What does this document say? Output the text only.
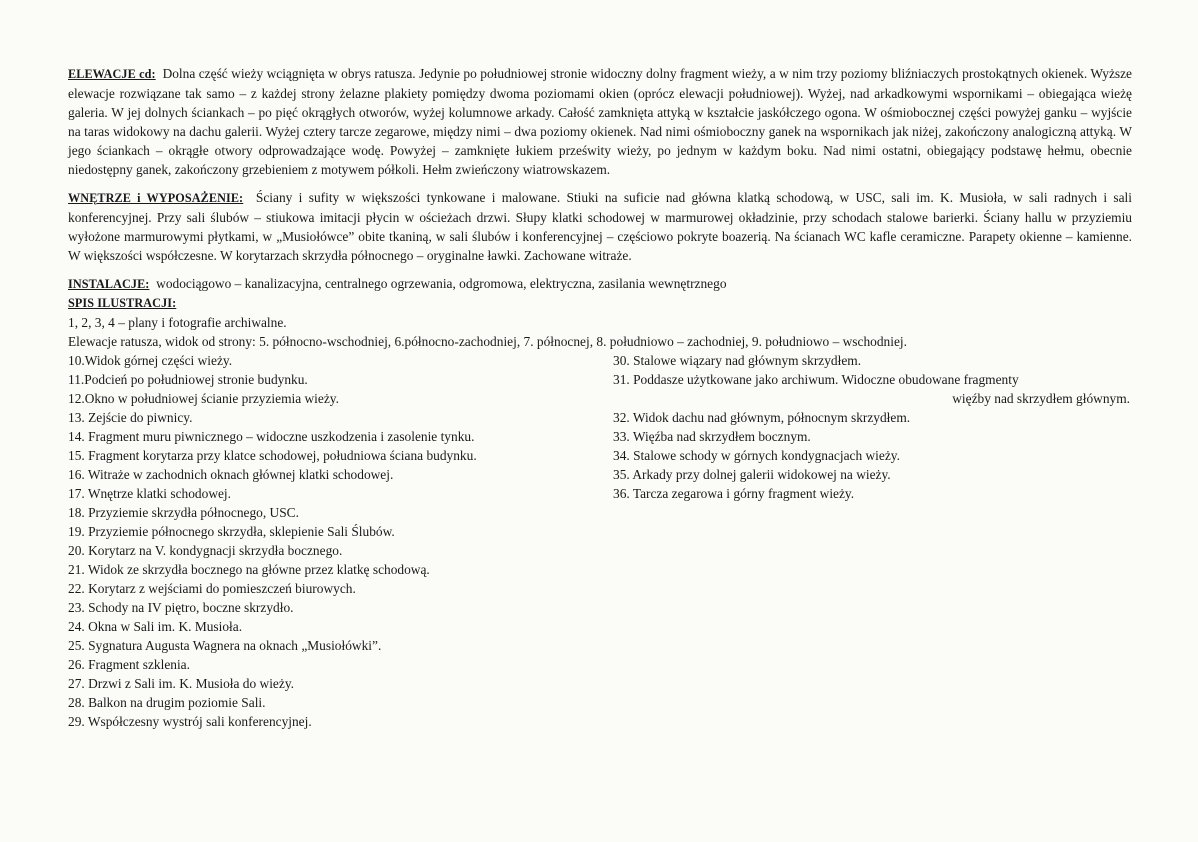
ELEWACJE cd: Dolna część wieży wciągnięta w obrys ratusza. Jedynie po południowej stronie widoczny dolny fragment wieży, a w nim trzy poziomy bliźniaczych prostokątnych okienek. Wyższe elewacje rozwiązane tak samo – z każdej strony żelazne plakiety pomiędzy dwoma poziomami okien (oprócz elewacji południowej). Wyżej, nad arkadkowymi wspornikami – obiegająca wieżę galeria. W jej dolnych ściankach – po pięć okrągłych otworów, wyżej kolumnowe arkady. Całość zamknięta attyką w kształcie jaskółczego ogona. W ośmiobocznej części powyżej ganku – wyjście na taras widokowy na dachu galerii. Wyżej cztery tarcze zegarowe, między nimi – dwa poziomy okienek. Nad nimi ośmioboczny ganek na wspornikach jak niżej, zakończony analogiczną attyką. W jego ściankach – okrągłe otwory odprowadzające wodę. Powyżej – zamknięte łukiem prześwity wieży, po jednym w każdym boku. Nad nimi ostatni, obiegający podstawę hełmu, obecnie niedostępny ganek, zakończony grzebieniem z motywem półkoli. Hełm zwieńczony wiatrowskazem.

WNĘTRZE i WYPOSAŻENIE: Ściany i sufity w większości tynkowane i malowane. Stiuki na suficie nad główna klatką schodową, w USC, sali im. K. Musioła, w sali radnych i sali konferencyjnej. Przy sali ślubów – stiukowa imitacji płycin w ościeżach drzwi. Słupy klatki schodowej w marmurowej okładzinie, przy schodach stalowe barierki. Ściany hallu w przyziemiu wyłożone marmurowymi płytkami, w „Musiołówce” obite tkaniną, w sali ślubów i konferencyjnej – częściowo pokryte boazerią. Na ścianach WC kafle ceramiczne. Parapety okienne – kamienne. W większości współczesne. W korytarzach skrzydła północnego – oryginalne ławki. Zachowane witraże.

INSTALACJE: wodociągowo – kanalizacyjna, centralnego ogrzewania, odgromowa, elektryczna, zasilania wewnętrznego
SPIS ILUSTRACJI:
1, 2, 3, 4 – plany i fotografie archiwalne.
Elewacje ratusza, widok od strony: 5. północno-wschodniej, 6.północno-zachodniej, 7. północnej, 8. południowo – zachodniej, 9. południowo – wschodniej.
10.Widok górnej części wieży.
11.Podcień po południowej stronie budynku.
12.Okno w południowej ścianie przyziemia wieży.
13. Zejście do piwnicy.
14. Fragment muru piwnicznego – widoczne uszkodzenia i zasolenie tynku.
15. Fragment korytarza przy klatce schodowej, południowa ściana budynku.
16. Witraże w zachodnich oknach głównej klatki schodowej.
17. Wnętrze klatki schodowej.
18. Przyziemie skrzydła północnego, USC.
19. Przyziemie północnego skrzydła, sklepienie Sali Ślubów.
20. Korytarz na V. kondygnacji skrzydła bocznego.
21. Widok ze skrzydła bocznego na główne przez klatkę schodową.
22. Korytarz z wejściami do pomieszczeń biurowych.
23. Schody na IV piętro, boczne skrzydło.
24. Okna w Sali im. K. Musioła.
25. Sygnatura Augusta Wagnera na oknach „Musiołówki”.
26. Fragment szklenia.
27. Drzwi z Sali im. K. Musioła do wieży.
28. Balkon na drugim poziomie Sali.
29. Współczesny wystrój sali konferencyjnej.
30. Stalowe wiązary nad głównym skrzydłem.
31. Poddasze użytkowane jako archiwum. Widoczne obudowane fragmenty
więźby nad skrzydłem głównym.
32. Widok dachu nad głównym, północnym skrzydłem.
33. Więźba nad skrzydłem bocznym.
34. Stalowe schody w górnych kondygnacjach wieży.
35. Arkady przy dolnej galerii widokowej na wieży.
36. Tarcza zegarowa i górny fragment wieży.
